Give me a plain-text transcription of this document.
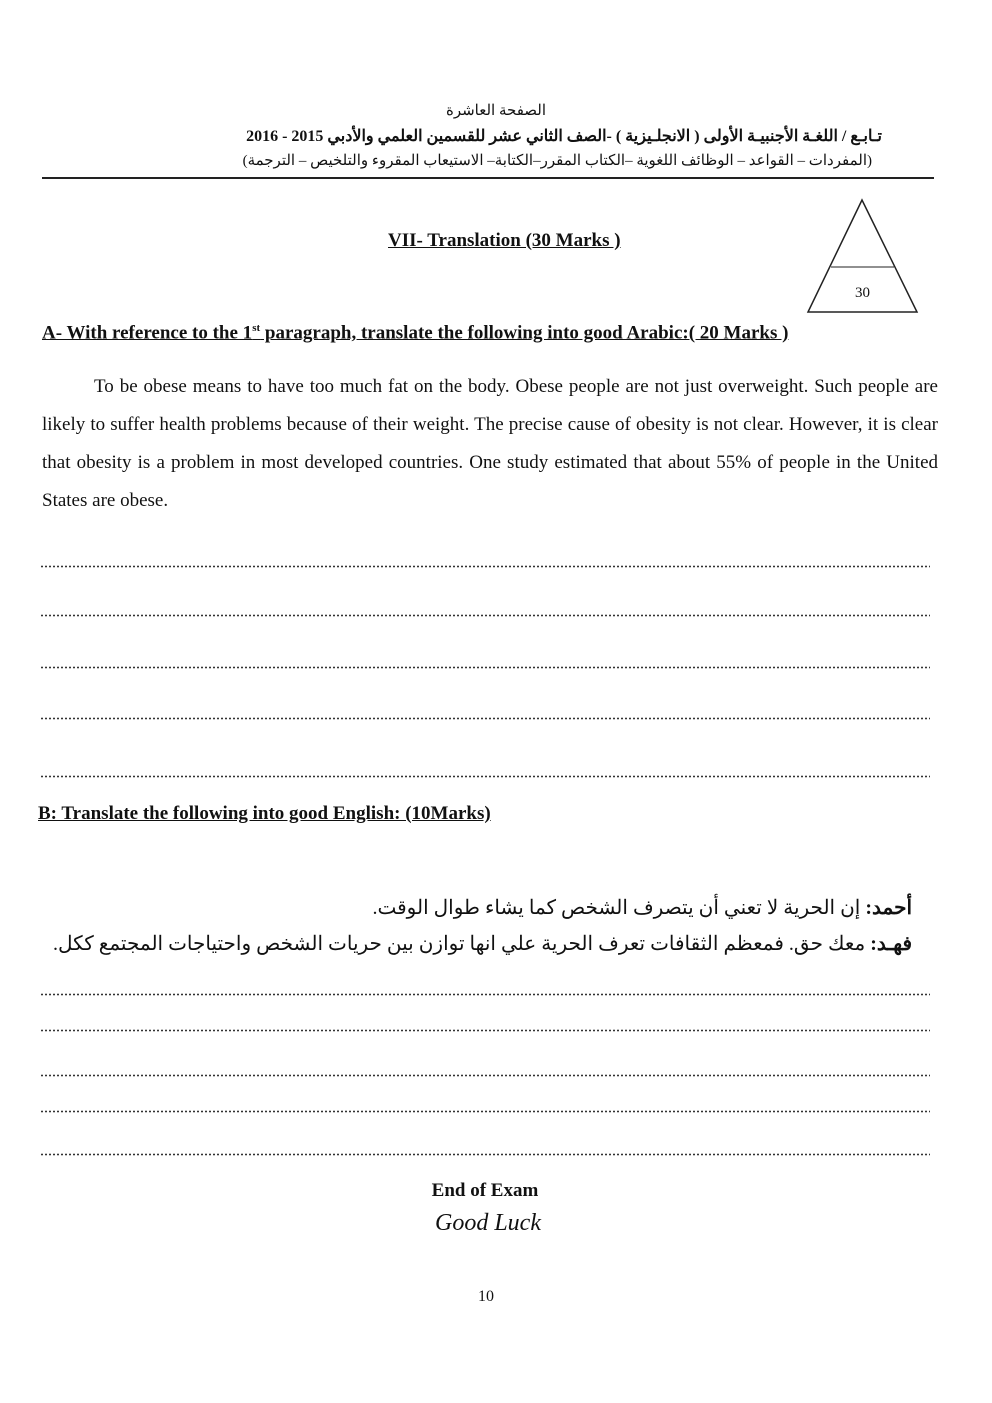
الصفحة العاشرة
تـابـع / اللغـة الأجنبيـة الأولى ( الانجلـيزية ) -الصف الثاني عشر للقسمين العلمي والأدبي 2015 - 2016
(المفردات – القواعد – الوظائف اللغوية –الكتاب المقرر–الكتابة– الاستيعاب المقروء والتلخيص – الترجمة)
VII- Translation (30 Marks )
30
A- With reference to the 1st paragraph, translate the following into good Arabic:( 20 Marks )
To be obese means to have too much fat on the body. Obese people are not just overweight. Such people are likely to suffer health problems because of their weight. The precise cause of obesity is not clear. However, it is clear that obesity is a problem in most developed countries. One study estimated that about 55% of people in the United States are obese.
B: Translate the following into good English: (10Marks)
أحمد: إن الحرية لا تعني أن يتصرف الشخص كما يشاء طوال الوقت.
فهـد: معك حق. فمعظم الثقافات تعرف الحرية علي انها توازن بين حريات الشخص واحتياجات المجتمع ككل.
End of Exam
Good Luck
10
